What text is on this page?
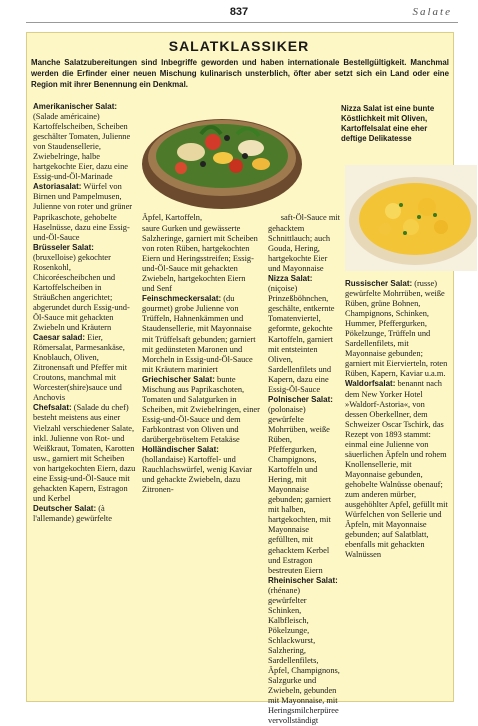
837	Salate
SALATKLASSIKER
Manche Salatzubereitungen sind Inbegriffe geworden und haben internationale Bestellgültigkeit. Manchmal werden die Erfinder einer neuen Mischung kulinarisch unsterblich, öfter aber setzt sich ein Land oder eine Region mit ihrer Benennung ein Denkmal.
Nizza Salat ist eine bunte Köstlichkeit mit Oliven, Kartoffelsalat eine eher deftige Delikatesse
Äpfel, Kartoffeln,	saft-Öl-Sauce mit

Amerikanischer Salat: (Salade américaine) Kartoffelscheiben, Scheiben geschälter Tomaten, Julienne von Staudensellerie, Zwiebelringe, halbe hartgekochte Eier, dazu eine Essig-und-Öl-Marinade

Astoriasalat: Würfel von Birnen und Pampelmusen, Julienne von roter und grüner Paprikaschote, gehobelte Haselnüsse, dazu eine Essig-und-Öl-Sauce

Brüsseler Salat: (bruxelloise) gekochter Rosenkohl, Chicoréescheibchen und Kartoffelscheiben in Sträußchen angerichtet; abgerundet durch Essig-und-Öl-Sauce mit gehackten Zwiebeln und Kräutern

Caesar salad: Eier, Römersalat, Parmesankäse, Knoblauch, Oliven, Zitronensaft und Pfeffer mit Croutons, manchmal mit Worcester(shire)sauce und Anchovis

Chefsalat: (Salade du chef) besteht meistens aus einer Vielzahl verschiedener Salate, inkl. Julienne von Rot- und Weißkraut, Tomaten, Karotten usw., garniert mit Scheiben von hartgekochten Eiern, dazu eine Essig-und-Öl-Sauce mit gehackten Kapern, Estragon und Kerbel

Deutscher Salat: (à l'allemande) gewürfelte

saure Gurken und gewässerte Salzheringe, garniert mit Scheiben von roten Rüben, hartgekochten Eiern und Heringsstreifen; Essig-und-Öl-Sauce mit gehackten Zwiebeln, hartgekochten Eiern und Senf

Feinschmeckersalat: (du gourmet) grobe Julienne von Trüffeln, Hahnenkämmen und Staudensellerie, mit Mayonnaise mit Trüffelsaft gebunden; garniert mit gedünsteten Maronen und Morcheln in Essig-und-Öl-Sauce mit Kräutern mariniert

Griechischer Salat: bunte Mischung aus Paprikaschoten, Tomaten und Salatgurken in Scheiben, mit Zwiebelringen, einer Essig-und-Öl-Sauce und dem Farbkontrast von Oliven und darübergebröseltem Fetakäse

Holländischer Salat: (hollandaise) Kartoffel- und Rauchlachswürfel, wenig Kaviar und gehackte Zwiebeln, dazu Zitronen-

gehacktem Schnittlauch; auch Gouda, Hering, hartgekochte Eier und Mayonnaise

Nizza Salat: (niçoise) Prinzeßböhnchen, geschälte, entkernte Tomatenviertel, geformte, gekochte Kartoffeln, garniert mit entsteinten Oliven, Sardellenfilets und Kapern, dazu eine Essig-Öl-Sauce

Polnischer Salat: (polonaise) gewürfelte Mohrrüben, weiße Rüben, Pfeffergurken, Champignons, Kartoffeln und Hering, mit Mayonnaise gebunden; garniert mit halben, hartgekochten, mit Mayonnaise gefüllten, mit gehacktem Kerbel und Estragon bestreuten Eiern

Rheinischer Salat: (rhénane) gewürfelter Schinken, Kalbfleisch, Pökelzunge, Schlackwurst, Salzhering, Sardellenfilets, Äpfel, Champignons, Salzgurke und Zwiebeln, gebunden mit Mayonnaise, mit Heringsmilcherpüree vervollständigt

Russischer Salat: (russe) gewürfelte Mohrrüben, weiße Rüben, grüne Bohnen, Champignons, Schinken, Hummer, Pfeffergurken, Pökelzunge, Trüffeln und Sardellenfilets, mit Mayonnaise gebunden; garniert mit Eiervierteln, roten Rüben, Kapern, Kaviar u.a.m.

Waldorfsalat: benannt nach dem New Yorker Hotel »Waldorf-Astoria«, von dessen Oberkellner, dem Schweizer Oscar Tschirk, das Rezept von 1893 stammt: einmal eine Julienne von säuerlichen Äpfeln und rohem Knollensellerie, mit Mayonnaise gebunden, gehobelte Walnüsse obenauf; zum anderen mürber, ausgehöhlter Apfel, gefüllt mit Würfelchen von Sellerie und Äpfeln, mit Mayonnaise gebunden; auf Salatblatt, ebenfalls mit gehackten Walnüssen
